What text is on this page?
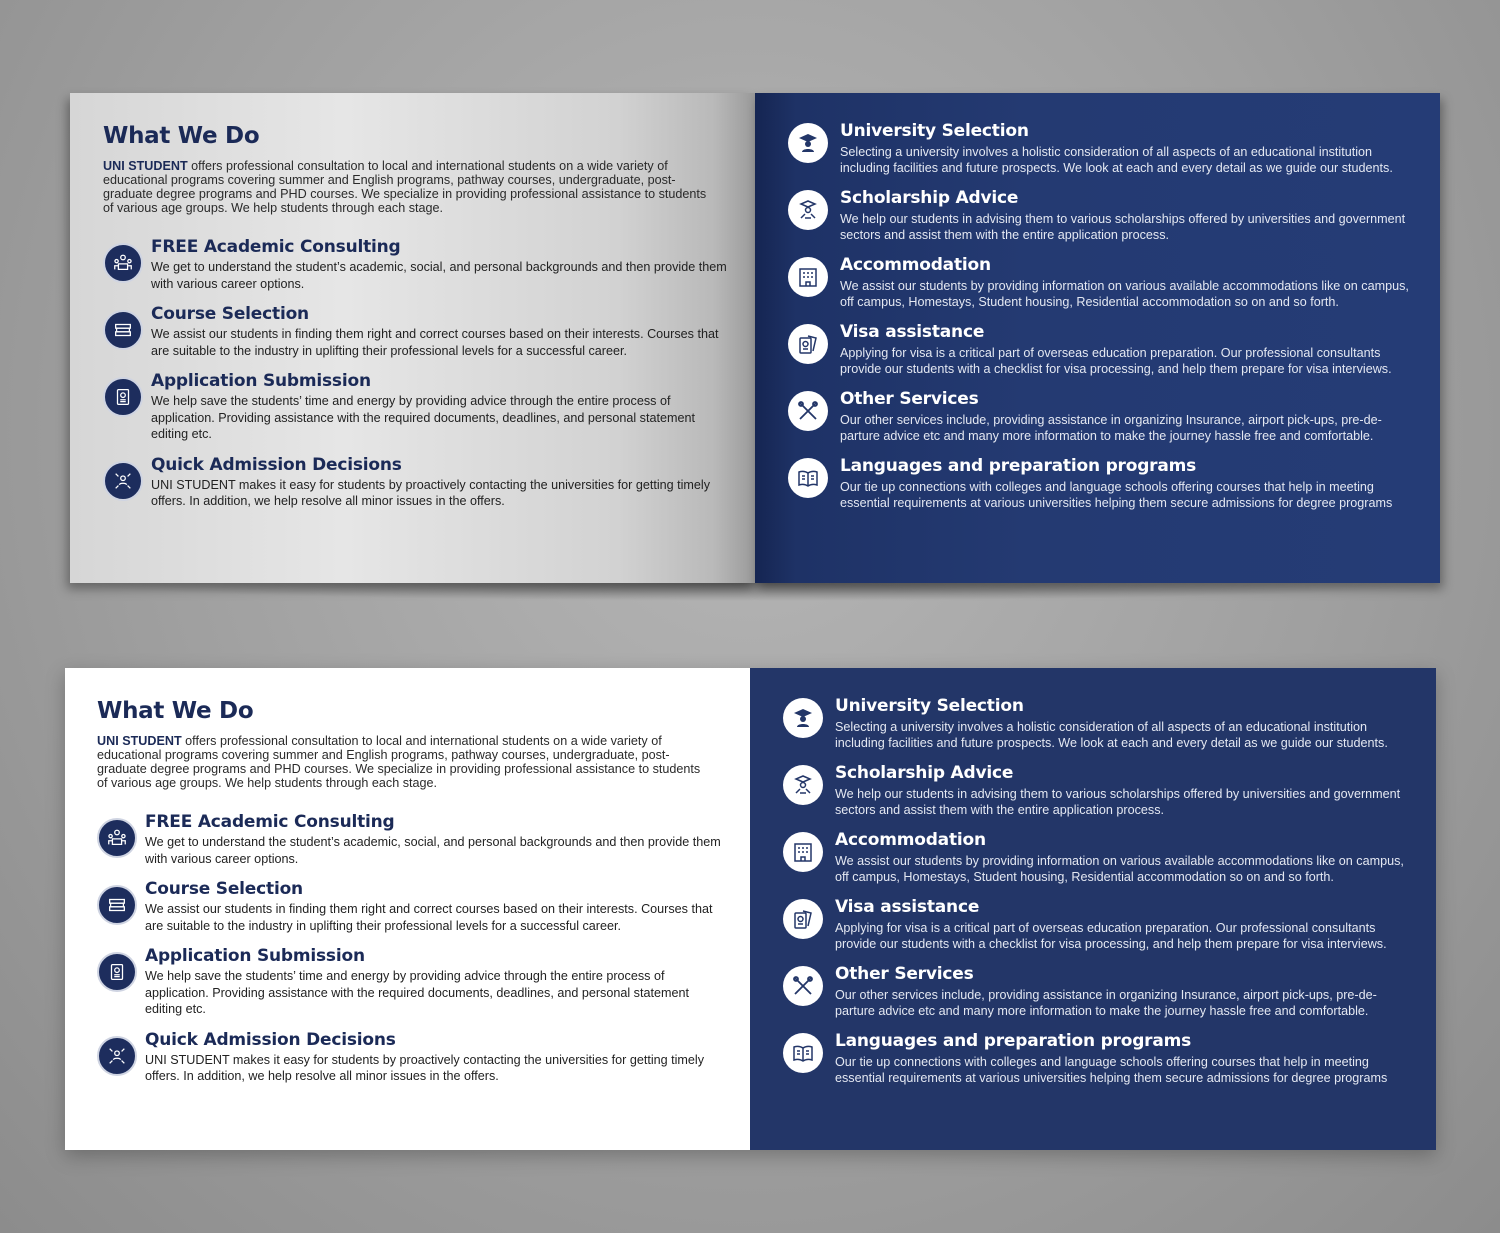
What We Do

UNI STUDENT offers professional consultation to local and international students on a wide variety of educational programs covering summer and English programs, pathway courses, undergraduate, post-graduate degree programs and PHD courses. We specialize in providing professional assistance to students of various age groups. We help students through each stage.

FREE Academic Consulting

We get to understand the student’s academic, social, and personal backgrounds and then provide them with various career options.

Course Selection

We assist our students in finding them right and correct courses based on their interests. Courses that are suitable to the industry in uplifting their professional levels for a successful career.

Application Submission

We help save the students’ time and energy by providing advice through the entire process of application. Providing assistance with the required documents, deadlines, and personal statement editing etc.

Quick Admission Decisions

UNI STUDENT makes it easy for students by proactively contacting the universities for getting timely offers. In addition, we help resolve all minor issues in the offers.

University Selection

Selecting a university involves a holistic consideration of all aspects of an educational institution including facilities and future prospects. We look at each and every detail as we guide our students.

Scholarship Advice

We help our students in advising them to various scholarships offered by universities and government sectors and assist them with the entire application process.

Accommodation

We assist our students by providing information on various available accommodations like on campus, off campus, Homestays, Student housing, Residential accommodation so on and so forth.

Visa assistance

Applying for visa is a critical part of overseas education preparation. Our professional consultants provide our students with a checklist for visa processing, and help them prepare for visa interviews.

Other Services

Our other services include, providing assistance in organizing Insurance, airport pick-ups, pre-de-parture advice etc and many more information to make the journey hassle free and comfortable.

Languages and preparation programs

Our tie up connections with colleges and language schools offering courses that help in meeting essential requirements at various universities helping them secure admissions for degree programs

What We Do

UNI STUDENT offers professional consultation to local and international students on a wide variety of educational programs covering summer and English programs, pathway courses, undergraduate, post-graduate degree programs and PHD courses. We specialize in providing professional assistance to students of various age groups. We help students through each stage.

FREE Academic Consulting

We get to understand the student’s academic, social, and personal backgrounds and then provide them with various career options.

Course Selection

We assist our students in finding them right and correct courses based on their interests. Courses that are suitable to the industry in uplifting their professional levels for a successful career.

Application Submission

We help save the students’ time and energy by providing advice through the entire process of application. Providing assistance with the required documents, deadlines, and personal statement editing etc.

Quick Admission Decisions

UNI STUDENT makes it easy for students by proactively contacting the universities for getting timely offers. In addition, we help resolve all minor issues in the offers.

University Selection

Selecting a university involves a holistic consideration of all aspects of an educational institution including facilities and future prospects. We look at each and every detail as we guide our students.

Scholarship Advice

We help our students in advising them to various scholarships offered by universities and government sectors and assist them with the entire application process.

Accommodation

We assist our students by providing information on various available accommodations like on campus, off campus, Homestays, Student housing, Residential accommodation so on and so forth.

Visa assistance

Applying for visa is a critical part of overseas education preparation. Our professional consultants provide our students with a checklist for visa processing, and help them prepare for visa interviews.

Other Services

Our other services include, providing assistance in organizing Insurance, airport pick-ups, pre-de-parture advice etc and many more information to make the journey hassle free and comfortable.

Languages and preparation programs

Our tie up connections with colleges and language schools offering courses that help in meeting essential requirements at various universities helping them secure admissions for degree programs
